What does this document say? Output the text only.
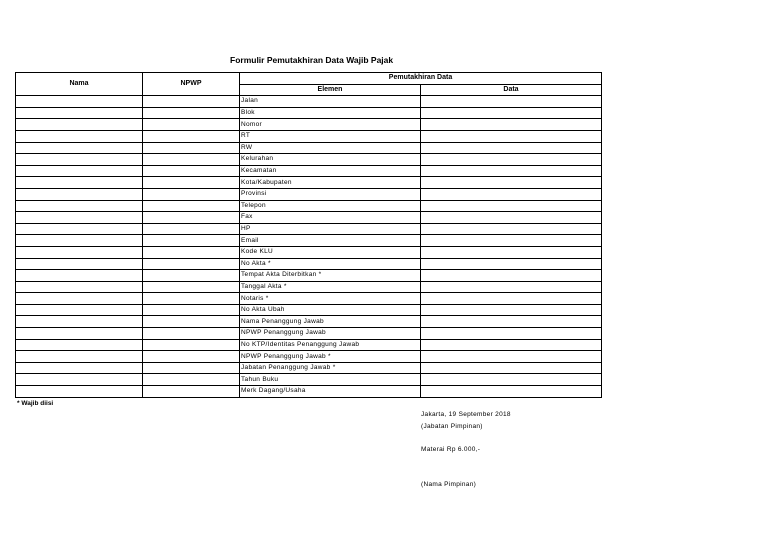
Formulir Pemutakhiran Data Wajib Pajak
Nama	NPWP	Pemutakhiran Data	
		Elemen	Data
		Jalan	
		Blok	
		Nomor	
		RT	
		RW	
		Kelurahan	
		Kecamatan	
		Kota/Kabupaten	
		Provinsi	
		Telepon	
		Fax	
		HP	
		Email	
		Kode KLU	
		No Akta *	
		Tempat Akta Diterbitkan *	
		Tanggal Akta *	
		Notaris *	
		No Akta Ubah	
		Nama Penanggung Jawab	
		NPWP Penanggung Jawab	
		No KTP/Identitas Penanggung Jawab	
		NPWP Penanggung Jawab *	
		Jabatan Penanggung Jawab *	
		Tahun Buku	
		Merk Dagang/Usaha	
* Wajib diisi
Jakarta, 19 September 2018
(Jabatan Pimpinan)
Materai Rp 6.000,-
(Nama Pimpinan)
